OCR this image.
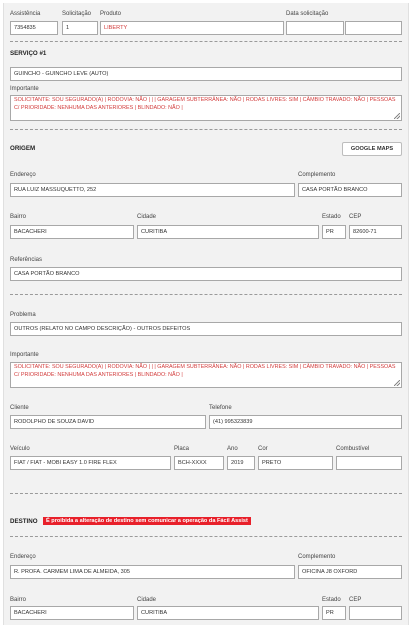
Assistência
7354835
Solicitação
1
Produto
LIBERTY
Data solicitação
SERVIÇO #1
GUINCHO - GUINCHO LEVE (AUTO)
Importante
SOLICITANTE: SOU SEGURADO(A) | RODOVIA: NÃO | | | GARAGEM SUBTERRÂNEA: NÃO | RODAS LIVRES: SIM | CÂMBIO TRAVADO: NÃO | PESSOAS C/ PRIORIDADE: NENHUMA DAS ANTERIORES | BLINDADO: NÃO |
ORIGEM	GOOGLE MAPS
Endereço
RUA LUIZ MASSUQUETTO, 252
Complemento
CASA PORTÃO BRANCO
Bairro
BACACHERI
Cidade
CURITIBA
Estado
PR
CEP
82600-71
Referências
CASA PORTÃO BRANCO
Problema
OUTROS (RELATO NO CAMPO DESCRIÇÃO) - OUTROS DEFEITOS
Importante
SOLICITANTE: SOU SEGURADO(A) | RODOVIA: NÃO | | | GARAGEM SUBTERRÂNEA: NÃO | RODAS LIVRES: SIM | CÂMBIO TRAVADO: NÃO | PESSOAS C/ PRIORIDADE: NENHUMA DAS ANTERIORES | BLINDADO: NÃO |
Cliente
RODOLPHO DE SOUZA DAVID
Telefone
(41) 995323839
Veículo
FIAT / FIAT - MOBI EASY 1.0 FIRE FLEX
Placa
BCH-XXXX
Ano
2019
Cor
PRETO
Combustível
DESTINO	É proibida a alteração de destino sem comunicar a operação da Fácil Assist
Endereço
R. PROFA. CARMEM LIMA DE ALMEIDA, 305
Complemento
OFICINA J8 OXFORD
Bairro
BACACHERI
Cidade
CURITIBA
Estado
PR
CEP
